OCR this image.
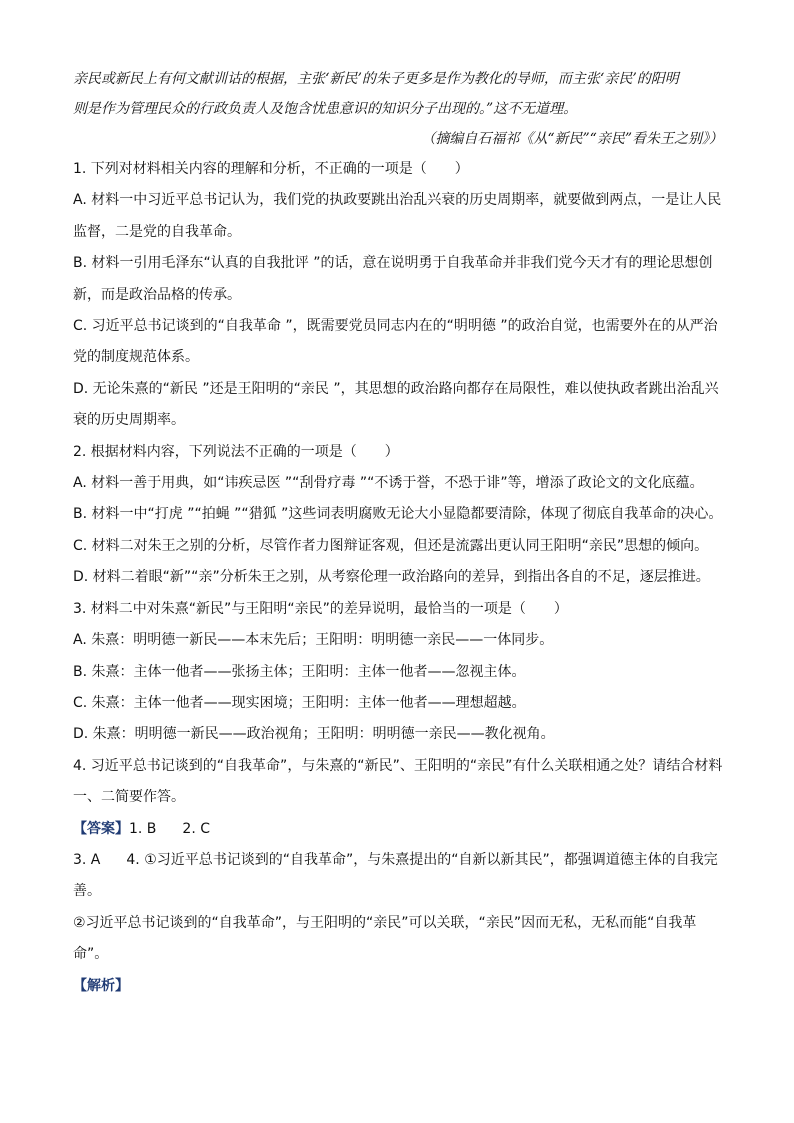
亲民或新民上有何文献训诂的根据，主张‘新民’的朱子更多是作为教化的导师，而主张‘亲民’的阳明

则是作为管理民众的行政负责人及饱含忧患意识的知识分子出现的。”这不无道理。

（摘编自石福祁《从“新民”“亲民”看朱王之别》）

1. 下列对材料相关内容的理解和分析，不正确的一项是（　　）

A. 材料一中习近平总书记认为，我们党的执政要跳出治乱兴衰的历史周期率，就要做到两点，一是让人民监督，二是党的自我革命。

B. 材料一引用毛泽东“认真的自我批评 ”的话，意在说明勇于自我革命并非我们党今天才有的理论思想创新，而是政治品格的传承。

C. 习近平总书记谈到的“自我革命 ”，既需要党员同志内在的“明明德 ”的政治自觉，也需要外在的从严治党的制度规范体系。

D. 无论朱熹的“新民 ”还是王阳明的“亲民 ”，其思想的政治路向都存在局限性，难以使执政者跳出治乱兴衰的历史周期率。

2. 根据材料内容，下列说法不正确的一项是（　　）

A. 材料一善于用典，如“讳疾忌医 ”“刮骨疗毒 ”“不诱于誉，不恐于诽”等，增添了政论文的文化底蕴。

B. 材料一中“打虎 ”“拍蝇 ”“猎狐 ”这些词表明腐败无论大小显隐都要清除，体现了彻底自我革命的决心。

C. 材料二对朱王之别的分析，尽管作者力图辩证客观，但还是流露出更认同王阳明“亲民”思想的倾向。

D. 材料二着眼“新”“亲”分析朱王之别，从考察伦理一政治路向的差异，到指出各自的不足，逐层推进。

3. 材料二中对朱熹“新民”与王阳明“亲民”的差异说明，最恰当的一项是（　　）

A. 朱熹：明明德一新民——本末先后；王阳明：明明德一亲民——一体同步。

B. 朱熹：主体一他者——张扬主体；王阳明：主体一他者——忽视主体。

C. 朱熹：主体一他者——现实困境；王阳明：主体一他者——理想超越。

D. 朱熹：明明德一新民——政治视角；王阳明：明明德一亲民——教化视角。

4. 习近平总书记谈到的“自我革命”，与朱熹的“新民”、王阳明的“亲民”有什么关联相通之处？请结合材料一、二简要作答。

【答案】1. B 2. C

3. A 4. ①习近平总书记谈到的“自我革命”，与朱熹提出的“自新以新其民”，都强调道德主体的自我完善。

②习近平总书记谈到的“自我革命”，与王阳明的“亲民”可以关联，“亲民”因而无私，无私而能“自我革命”。

【解析】
